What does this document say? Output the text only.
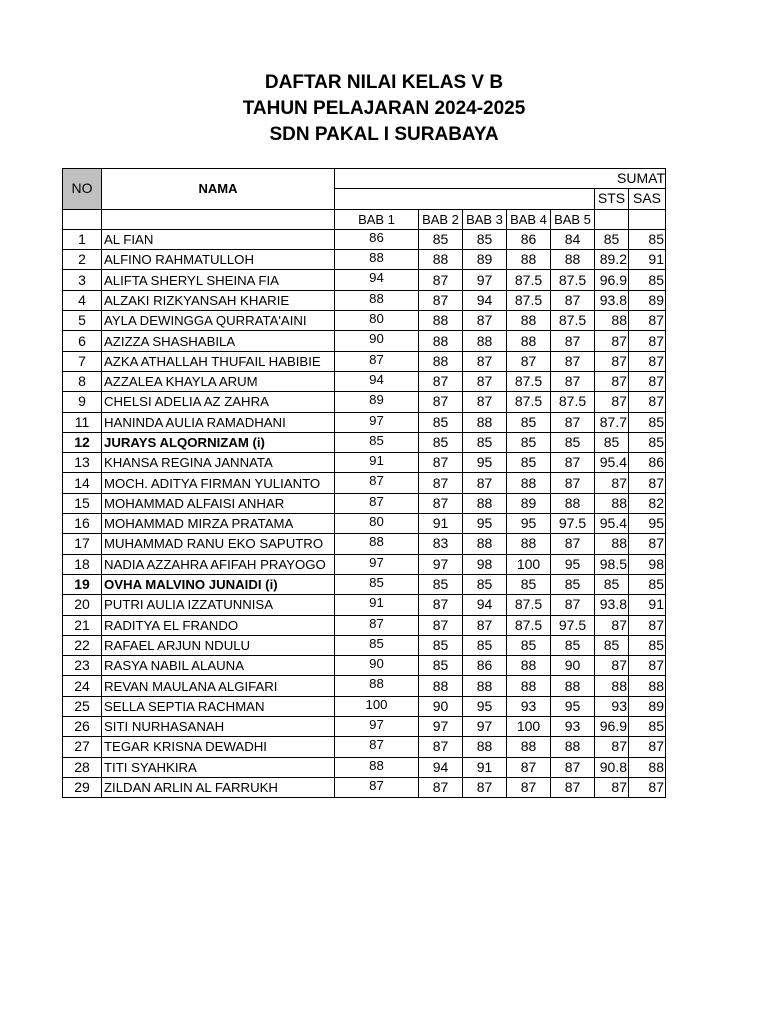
DAFTAR NILAI KELAS V B
TAHUN PELAJARAN 2024-2025
SDN PAKAL I SURABAYA
NO	NAMA	SUMAT						
							STS	SAS
		BAB 1	BAB 2	BAB 3	BAB 4	BAB 5		
1	AL FIAN	86	85	85	86	84	85	85
2	ALFINO RAHMATULLOH	88	88	89	88	88	89.2	91
3	ALIFTA SHERYL SHEINA FIA	94	87	97	87.5	87.5	96.9	85
4	ALZAKI RIZKYANSAH KHARIE	88	87	94	87.5	87	93.8	89
5	AYLA DEWINGGA QURRATA'AINI	80	88	87	88	87.5	88	87
6	AZIZZA SHASHABILA	90	88	88	88	87	87	87
7	AZKA ATHALLAH THUFAIL HABIBIE	87	88	87	87	87	87	87
8	AZZALEA KHAYLA ARUM	94	87	87	87.5	87	87	87
9	CHELSI ADELIA AZ ZAHRA	89	87	87	87.5	87.5	87	87
11	HANINDA AULIA RAMADHANI	97	85	88	85	87	87.7	85
12	JURAYS ALQORNIZAM (i)	85	85	85	85	85	85	85
13	KHANSA REGINA JANNATA	91	87	95	85	87	95.4	86
14	MOCH. ADITYA FIRMAN YULIANTO	87	87	87	88	87	87	87
15	MOHAMMAD ALFAISI ANHAR	87	87	88	89	88	88	82
16	MOHAMMAD MIRZA PRATAMA	80	91	95	95	97.5	95.4	95
17	MUHAMMAD RANU EKO SAPUTRO	88	83	88	88	87	88	87
18	NADIA AZZAHRA AFIFAH PRAYOGO	97	97	98	100	95	98.5	98
19	OVHA MALVINO JUNAIDI (i)	85	85	85	85	85	85	85
20	PUTRI AULIA IZZATUNNISA	91	87	94	87.5	87	93.8	91
21	RADITYA EL FRANDO	87	87	87	87.5	97.5	87	87
22	RAFAEL ARJUN NDULU	85	85	85	85	85	85	85
23	RASYA NABIL ALAUNA	90	85	86	88	90	87	87
24	REVAN MAULANA ALGIFARI	88	88	88	88	88	88	88
25	SELLA SEPTIA RACHMAN	100	90	95	93	95	93	89
26	SITI NURHASANAH	97	97	97	100	93	96.9	85
27	TEGAR KRISNA DEWADHI	87	87	88	88	88	87	87
28	TITI SYAHKIRA	88	94	91	87	87	90.8	88
29	ZILDAN ARLIN AL FARRUKH	87	87	87	87	87	87	87
